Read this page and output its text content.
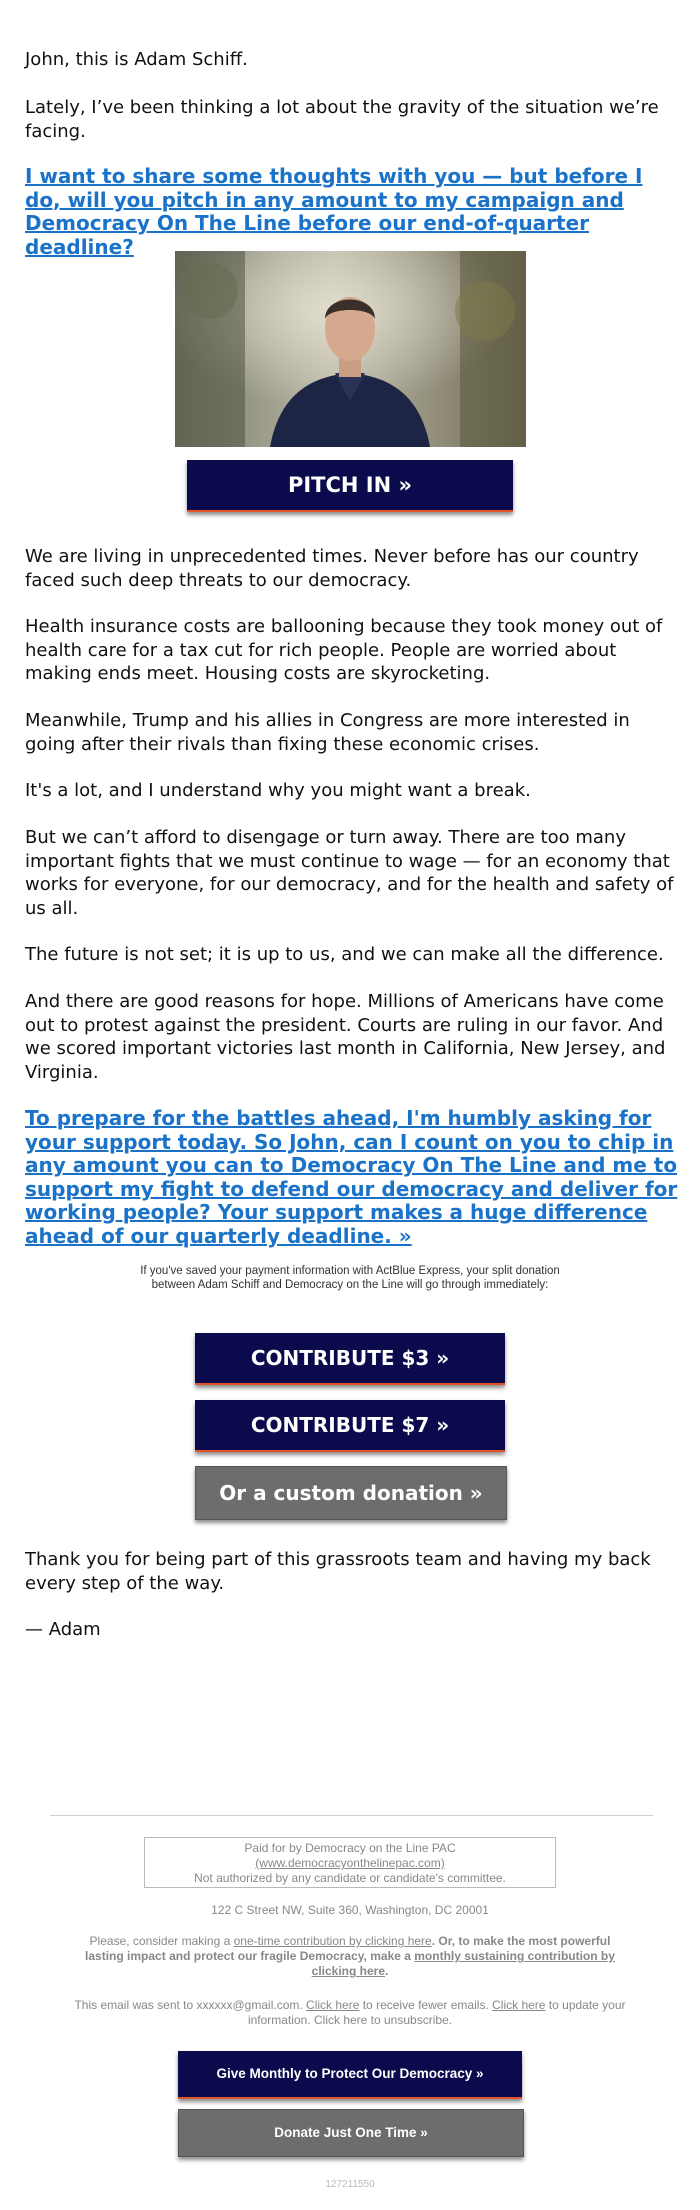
John, this is Adam Schiff.

Lately, I’ve been thinking a lot about the gravity of the situation we’re facing.

I want to share some thoughts with you — but before I do, will you pitch in any amount to my campaign and Democracy On The Line before our end-of-quarter deadline?
PITCH IN »

We are living in unprecedented times. Never before has our country faced such deep threats to our democracy.

Health insurance costs are ballooning because they took money out of health care for a tax cut for rich people. People are worried about making ends meet. Housing costs are skyrocketing.

Meanwhile, Trump and his allies in Congress are more interested in going after their rivals than fixing these economic crises.

It's a lot, and I understand why you might want a break.

But we can’t afford to disengage or turn away. There are too many important fights that we must continue to wage — for an economy that works for everyone, for our democracy, and for the health and safety of us all.

The future is not set; it is up to us, and we can make all the difference.

And there are good reasons for hope. Millions of Americans have come out to protest against the president. Courts are ruling in our favor. And we scored important victories last month in California, New Jersey, and Virginia.

To prepare for the battles ahead, I'm humbly asking for your support today. So John, can I count on you to chip in any amount you can to Democracy On The Line and me to support my fight to defend our democracy and deliver for working people? Your support makes a huge difference ahead of our quarterly deadline. »

If you've saved your payment information with ActBlue Express, your split donation between Adam Schiff and Democracy on the Line will go through immediately:

CONTRIBUTE $3 »
CONTRIBUTE $7 »
Or a custom donation »

Thank you for being part of this grassroots team and having my back every step of the way.

— Adam

Paid for by Democracy on the Line PAC
(www.democracyonthelinepac.com)
Not authorized by any candidate or candidate's committee.
122 C Street NW, Suite 360, Washington, DC 20001
Please, consider making a one-time contribution by clicking here. Or, to make the most powerful lasting impact and protect our fragile Democracy, make a monthly sustaining contribution by clicking here.
This email was sent to xxxxxx@gmail.com. Click here to receive fewer emails. Click here to update your information. Click here to unsubscribe.
Give Monthly to Protect Our Democracy »
Donate Just One Time »
127211550
